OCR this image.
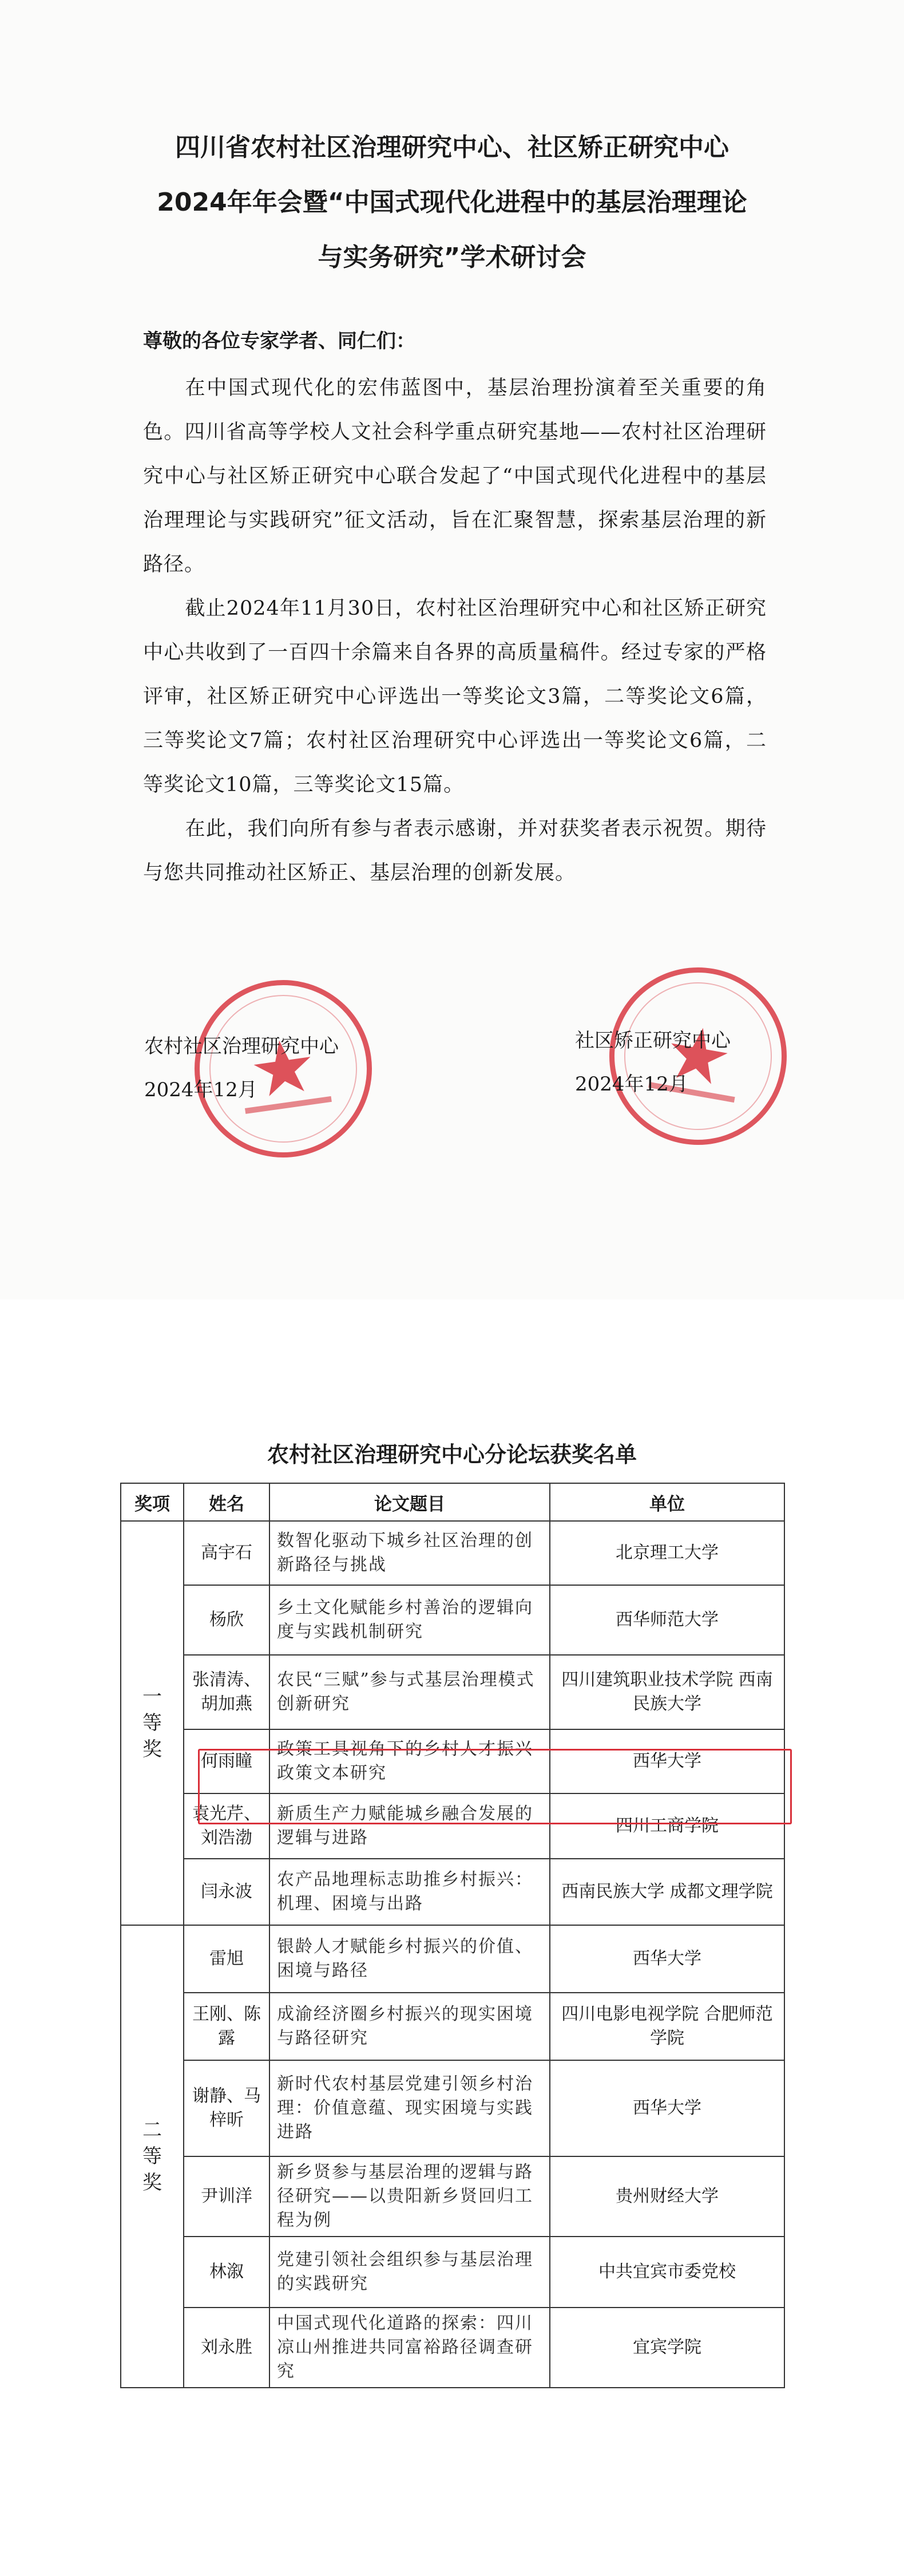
四川省农村社区治理研究中心、社区矫正研究中心
2024年年会暨“中国式现代化进程中的基层治理理论
与实务研究”学术研讨会
尊敬的各位专家学者、同仁们：

在中国式现代化的宏伟蓝图中，基层治理扮演着至关重要的角色。四川省高等学校人文社会科学重点研究基地——农村社区治理研究中心与社区矫正研究中心联合发起了“中国式现代化进程中的基层治理理论与实践研究”征文活动，旨在汇聚智慧，探索基层治理的新路径。

截止2024年11月30日，农村社区治理研究中心和社区矫正研究中心共收到了一百四十余篇来自各界的高质量稿件。经过专家的严格评审，社区矫正研究中心评选出一等奖论文3篇，二等奖论文6篇，三等奖论文7篇；农村社区治理研究中心评选出一等奖论文6篇，二等奖论文10篇，三等奖论文15篇。

在此，我们向所有参与者表示感谢，并对获奖者表示祝贺。期待与您共同推动社区矫正、基层治理的创新发展。

农村社区治理研究中心
2024年12月
社区矫正研究中心
2024年12月
农村社区治理研究中心分论坛获奖名单
奖项	姓名	论文题目	单位
一等奖	高宇石	数智化驱动下城乡社区治理的创新路径与挑战	北京理工大学
	杨欣	乡土文化赋能乡村善治的逻辑向度与实践机制研究	西华师范大学
	张清涛、胡加燕	农民“三赋”参与式基层治理模式创新研究	四川建筑职业技术学院 西南民族大学
	何雨瞳	政策工具视角下的乡村人才振兴政策文本研究	西华大学
	袁光芹、刘浩渤	新质生产力赋能城乡融合发展的逻辑与进路	四川工商学院
	闫永波	农产品地理标志助推乡村振兴：机理、困境与出路	西南民族大学 成都文理学院
二等奖	雷旭	银龄人才赋能乡村振兴的价值、困境与路径	西华大学
	王刚、陈露	成渝经济圈乡村振兴的现实困境与路径研究	四川电影电视学院 合肥师范学院
	谢静、马梓昕	新时代农村基层党建引领乡村治理：价值意蕴、现实困境与实践进路	西华大学
	尹训洋	新乡贤参与基层治理的逻辑与路径研究——以贵阳新乡贤回归工程为例	贵州财经大学
	林溆	党建引领社会组织参与基层治理的实践研究	中共宜宾市委党校
	刘永胜	中国式现代化道路的探索：四川凉山州推进共同富裕路径调查研究	宜宾学院
